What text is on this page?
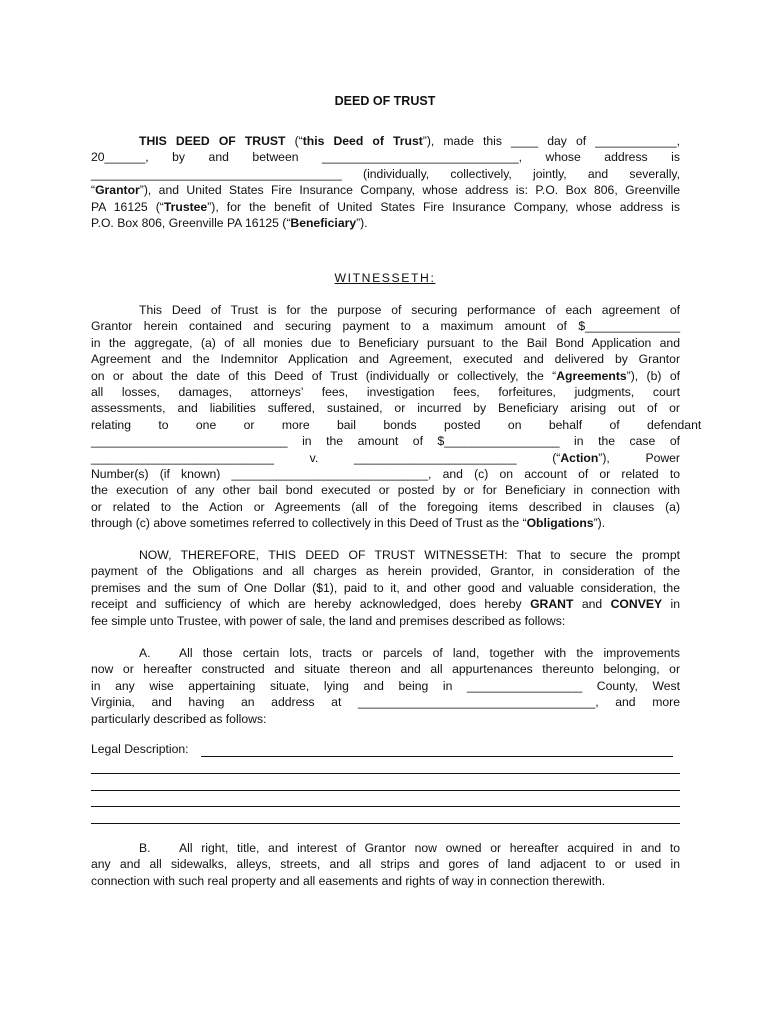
DEED OF TRUST
THIS DEED OF TRUST (“this Deed of Trust”), made this ____ day of ____________,
20______, by and between _____________________________, whose address is
_____________________________________ (individually, collectively, jointly, and severally,
“Grantor”), and United States Fire Insurance Company, whose address is: P.O. Box 806, Greenville
PA 16125 (“Trustee”), for the benefit of United States Fire Insurance Company, whose address is
P.O. Box 806, Greenville PA 16125 (“Beneficiary”).
WITNESSETH:
This Deed of Trust is for the purpose of securing performance of each agreement of
Grantor herein contained and securing payment to a maximum amount of $______________
in the aggregate, (a) of all monies due to Beneficiary pursuant to the Bail Bond Application and
Agreement and the Indemnitor Application and Agreement, executed and delivered by Grantor
on or about the date of this Deed of Trust (individually or collectively, the “Agreements”), (b) of
all losses, damages, attorneys’ fees, investigation fees, forfeitures, judgments, court
assessments, and liabilities suffered, sustained, or incurred by Beneficiary arising out of or
relating to one or more bail bonds posted on behalf of defendant
_____________________________ in the amount of $_________________ in the case of
___________________________ v. ________________________ (“Action”), Power
Number(s) (if known) _____________________________, and (c) on account of or related to
the execution of any other bail bond executed or posted by or for Beneficiary in connection with
or related to the Action or Agreements (all of the foregoing items described in clauses (a)
through (c) above sometimes referred to collectively in this Deed of Trust as the “Obligations”).
NOW, THEREFORE, THIS DEED OF TRUST WITNESSETH: That to secure the prompt
payment of the Obligations and all charges as herein provided, Grantor, in consideration of the
premises and the sum of One Dollar ($1), paid to it, and other good and valuable consideration, the
receipt and sufficiency of which are hereby acknowledged, does hereby GRANT and CONVEY in
fee simple unto Trustee, with power of sale, the land and premises described as follows:
A. All those certain lots, tracts or parcels of land, together with the improvements
now or hereafter constructed and situate thereon and all appurtenances thereunto belonging, or
in any wise appertaining situate, lying and being in _________________ County, West
Virginia, and having an address at ___________________________________, and more
particularly described as follows:
Legal Description:
B. All right, title, and interest of Grantor now owned or hereafter acquired in and to
any and all sidewalks, alleys, streets, and all strips and gores of land adjacent to or used in
connection with such real property and all easements and rights of way in connection therewith.
